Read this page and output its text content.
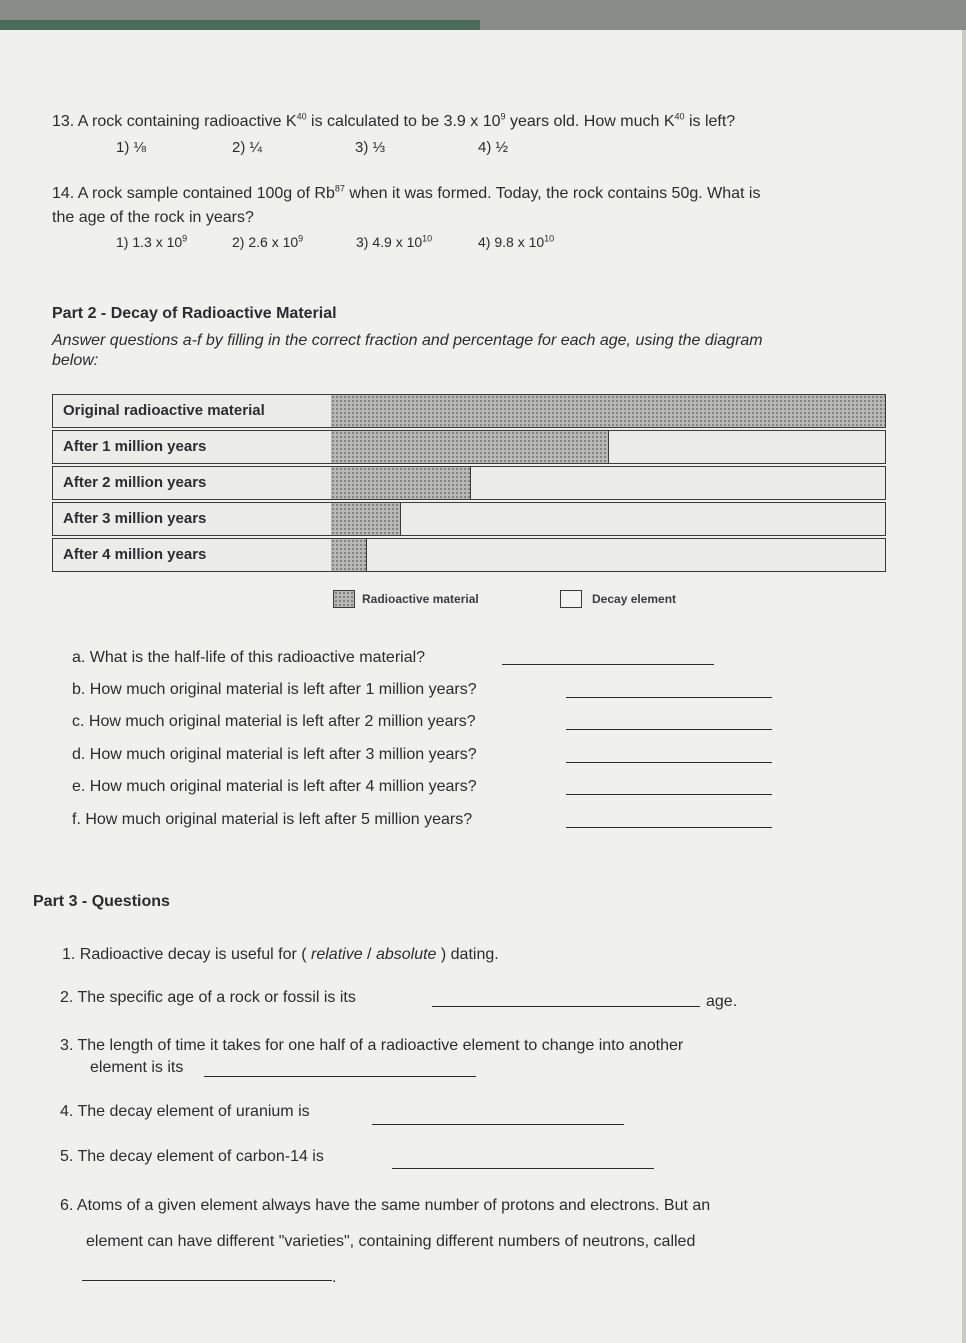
13. A rock containing radioactive $K^{40}$ is calculated to be 3.9 x $10^9$ years old. How much $K^{40}$ is left?
1) ⅛	2) ¼	3) ⅓	4) ½
14. A rock sample contained 100g of Rb$^{87}$ when it was formed. Today, the rock contains 50g. What is
the age of the rock in years?
1) 1.3 x $10^9$	2) 2.6 x $10^9$	3) 4.9 x $10^{10}$	4) 9.8 x $10^{10}$
Part 2 - Decay of Radioactive Material
Answer questions a-f by filling in the correct fraction and percentage for each age, using the diagram
below:
Original radioactive material
After 1 million years
After 2 million years
After 3 million years
After 4 million years
Radioactive material	Decay element
a. What is the half-life of this radioactive material?
b. How much original material is left after 1 million years?
c. How much original material is left after 2 million years?
d. How much original material is left after 3 million years?
e. How much original material is left after 4 million years?
f. How much original material is left after 5 million years?
Part 3 - Questions
1. Radioactive decay is useful for ( relative / absolute ) dating.
2. The specific age of a rock or fossil is its	age.
3. The length of time it takes for one half of a radioactive element to change into another
element is its
4. The decay element of uranium is
5. The decay element of carbon-14 is
6. Atoms of a given element always have the same number of protons and electrons. But an
element can have different "varieties", containing different numbers of neutrons, called
.
